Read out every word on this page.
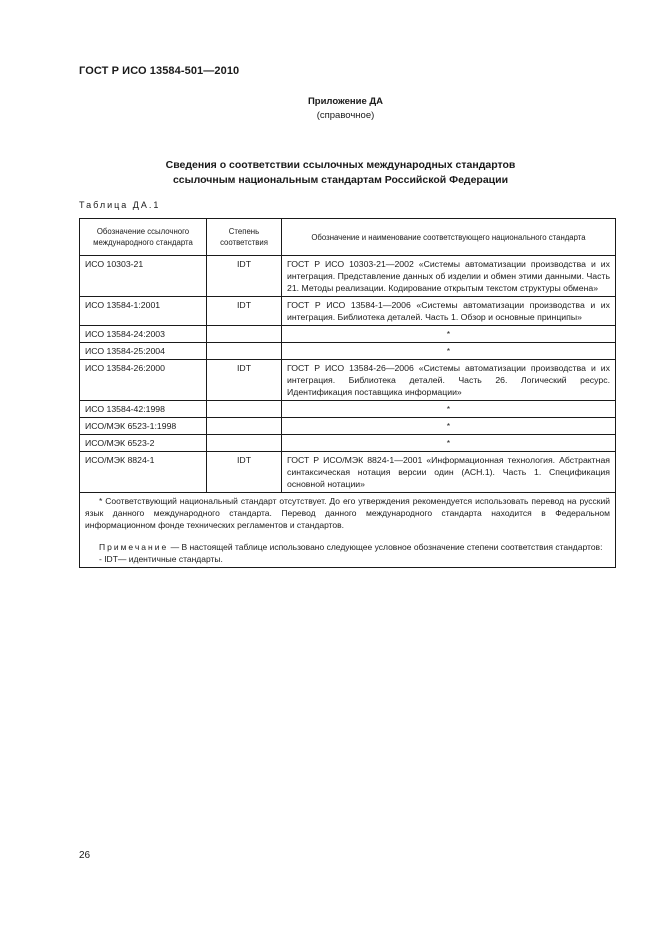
ГОСТ Р ИСО 13584-501—2010
Приложение ДА
(справочное)
Сведения о соответствии ссылочных международных стандартов
ссылочным национальным стандартам Российской Федерации
Таблица ДА.1
Обозначение ссылочного международного стандарта	Степень соответствия	Обозначение и наименование соответствующего национального стандарта
ИСО 10303-21	IDT	ГОСТ Р ИСО 10303-21—2002 «Системы автоматизации производства и их интеграция. Представление данных об изделии и обмен этими данными. Часть 21. Методы реализации. Кодирование открытым текстом структуры обмена»
ИСО 13584-1:2001	IDT	ГОСТ Р ИСО 13584-1—2006 «Системы автоматизации производства и их интеграция. Библиотека деталей. Часть 1. Обзор и основные принципы»
ИСО 13584-24:2003		*
ИСО 13584-25:2004		*
ИСО 13584-26:2000	IDT	ГОСТ Р ИСО 13584-26—2006 «Системы автоматизации производства и их интеграция. Библиотека деталей. Часть 26. Логический ресурс. Идентификация поставщика информации»
ИСО 13584-42:1998		*
ИСО/МЭК 6523-1:1998		*
ИСО/МЭК 6523-2		*
ИСО/МЭК 8824-1	IDT	ГОСТ Р ИСО/МЭК 8824-1—2001 «Информационная технология. Абстрактная синтаксическая нотация версии один (АСН.1). Часть 1. Спецификация основной нотации»

* Соответствующий национальный стандарт отсутствует. До его утверждения рекомендуется использовать перевод на русский язык данного международного стандарта. Перевод данного международного стандарта находится в Федеральном информационном фонде технических регламентов и стандартов.
Примечание — В настоящей таблице использовано следующее условное обозначение степени соответствия стандартов:
- IDT— идентичные стандарты.		
26
